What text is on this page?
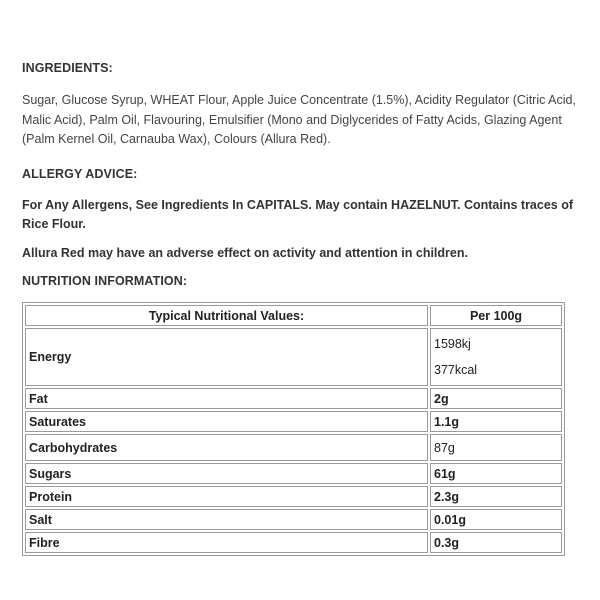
INGREDIENTS:

Sugar, Glucose Syrup, WHEAT Flour, Apple Juice Concentrate (1.5%), Acidity Regulator (Citric Acid, Malic Acid), Palm Oil, Flavouring, Emulsifier (Mono and Diglycerides of Fatty Acids, Glazing Agent (Palm Kernel Oil, Carnauba Wax), Colours (Allura Red).

ALLERGY ADVICE:

For Any Allergens, See Ingredients In CAPITALS. May contain HAZELNUT. Contains traces of Rice Flour.

Allura Red may have an adverse effect on activity and attention in children.

NUTRITION INFORMATION:

Typical Nutritional Values:	Per 100g
Energy	1598kj
377kcal

Fat	2g
Saturates	1.1g
Carbohydrates	87g
Sugars	61g
Protein	2.3g
Salt	0.01g
Fibre	0.3g
